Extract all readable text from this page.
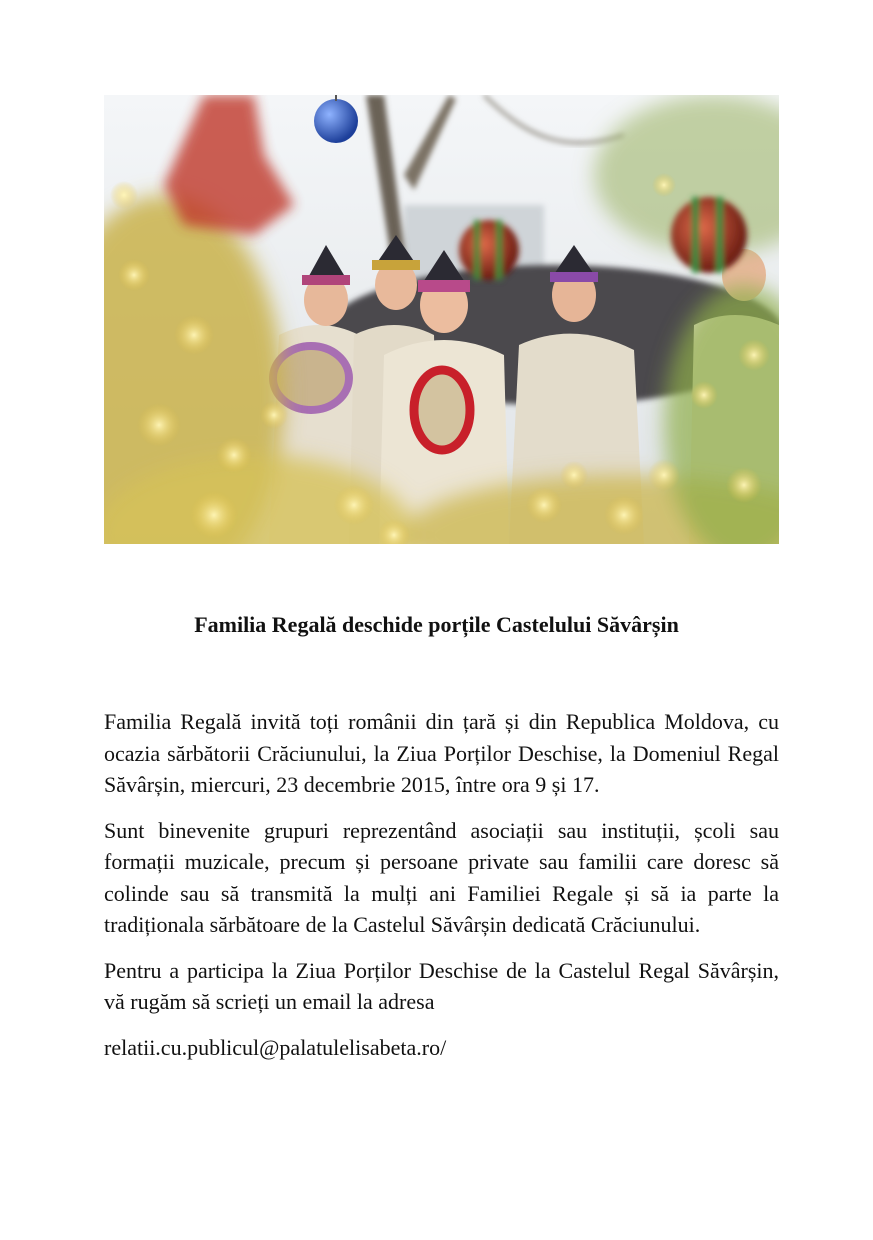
Familia Regală deschide porțile Castelului Săvârșin

Familia Regală invită toți românii din țară și din Republica Moldova, cu ocazia sărbătorii Crăciunului, la Ziua Porților Deschise, la Domeniul Regal Săvârșin, miercuri, 23 decembrie 2015, între ora 9 și 17.

Sunt binevenite grupuri reprezentând asociații sau instituții, școli sau formații muzicale, precum și persoane private sau familii care doresc să colinde sau să transmită la mulți ani Familiei Regale și să ia parte la tradiționala sărbătoare de la Castelul Săvârșin dedicată Crăciunului.

Pentru a participa la Ziua Porților Deschise de la Castelul Regal Săvârșin, vă rugăm să scrieți un email la adresa

relatii.cu.publicul@palatulelisabeta.ro/
